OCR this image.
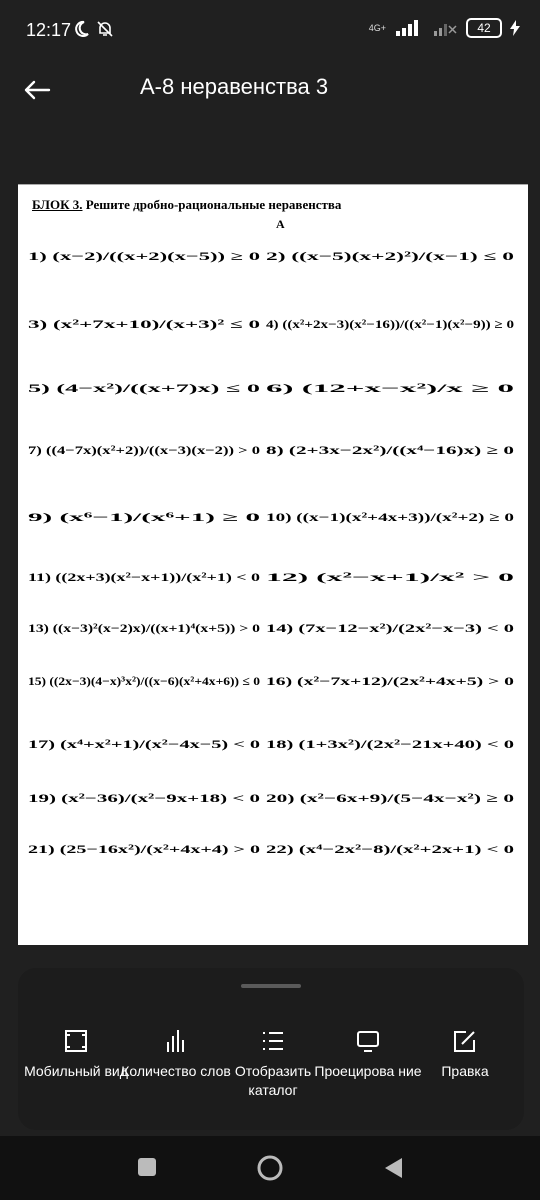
12:17	4G+	42
А-8 неравенства 3
БЛОК 3. Решите дробно-рациональные неравенства
А
1) (x−2)/((x+2)(x−5)) ≥ 0 2) ((x−5)(x+2)²)/(x−1) ≤ 0
3) (x²+7x+10)/(x+3)² ≤ 0 4) ((x²+2x−3)(x²−16))/((x²−1)(x²−9)) ≥ 0
5) (4−x²)/((x+7)x) ≤ 0 6) (12+x−x²)/x ≥ 0
7) ((4−7x)(x²+2))/((x−3)(x−2)) > 0 8) (2+3x−2x²)/((x⁴−16)x) ≥ 0
9) (x⁶−1)/(x⁶+1) ≥ 0 10) ((x−1)(x²+4x+3))/(x²+2) ≥ 0
11) ((2x+3)(x²−x+1))/(x²+1) < 0 12) (x²−x+1)/x² > 0
13) ((x−3)²(x−2)x)/((x+1)⁴(x+5)) > 0 14) (7x−12−x²)/(2x²−x−3) < 0
15) ((2x−3)(4−x)³x²)/((x−6)(x²+4x+6)) ≤ 0 16) (x²−7x+12)/(2x²+4x+5) > 0
17) (x⁴+x²+1)/(x²−4x−5) < 0 18) (1+3x²)/(2x²−21x+40) < 0
19) (x²−36)/(x²−9x+18) < 0 20) (x²−6x+9)/(5−4x−x²) ≥ 0
21) (25−16x²)/(x²+4x+4) > 0 22) (x⁴−2x²−8)/(x²+2x+1) < 0
Мобильный вид
Количество слов Отобразить каталог
Проецирова ние	Правка
